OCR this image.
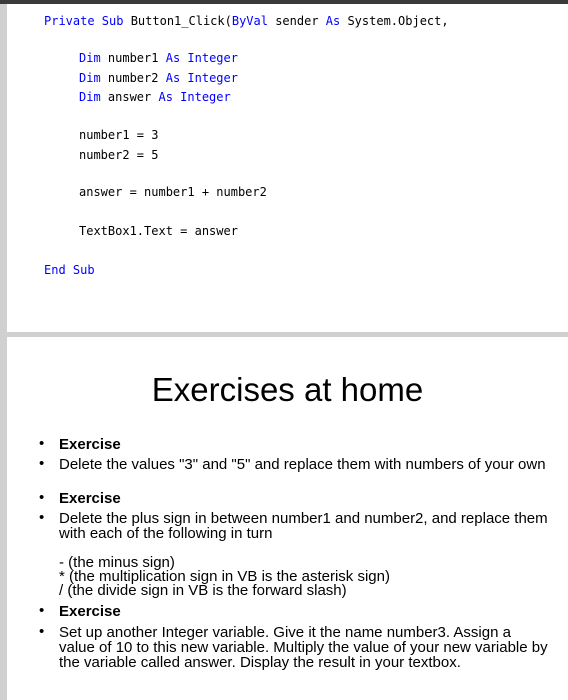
Private Sub Button1_Click(ByVal sender As System.Object,
Dim number1 As Integer
Dim number2 As Integer
Dim answer As Integer
number1 = 3
number2 = 5
answer = number1 + number2
TextBox1.Text = answer
End Sub
Exercises at home
• Exercise
• Delete the values "3" and "5" and replace them with numbers of your own
• Exercise
• Delete the plus sign in between number1 and number2, and replace them with each of the following in turn
- (the minus sign)
* (the multiplication sign in VB is the asterisk sign)
/ (the divide sign in VB is the forward slash)
• Exercise
• Set up another Integer variable. Give it the name number3. Assign a value of 10 to this new variable. Multiply the value of your new variable by the variable called answer. Display the result in your textbox.
